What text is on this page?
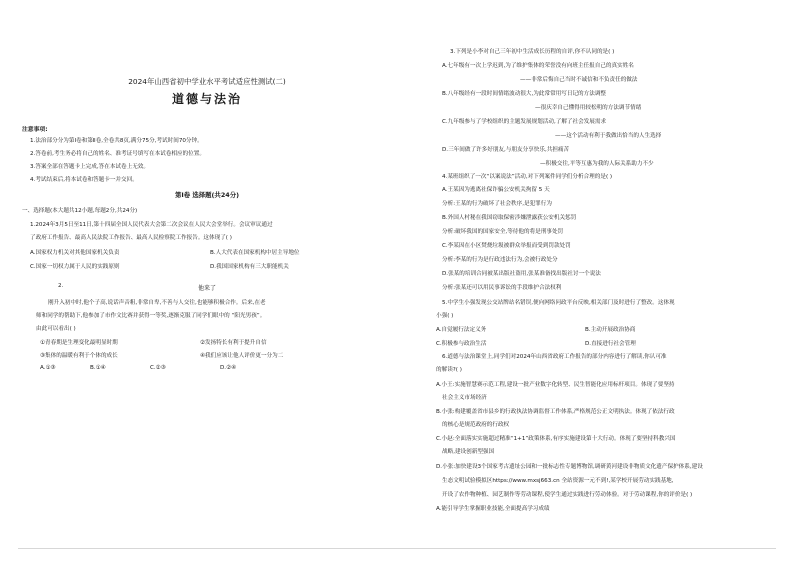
2024年山西省初中学业水平考试适应性测试(二)
道德与法治
注意事项:
1.法治部分分为第Ⅰ卷和第Ⅱ卷,全卷共8页,满分75分,考试时间70分钟。
2.答卷前,考生务必将自己的姓名、准考证号填写在本试卷相应的位置。
3.答案全部在答题卡上完成,答在本试卷上无效。
4.考试结束后,将本试卷和答题卡一并交回。
第Ⅰ卷 选择题(共24分)
一、选择题(本大题共12小题,每题2分,共24分)
1.2024年3月5日至11日,第十四届全国人民代表大会第二次会议在人民大会堂举行。会议审议通过
了政府工作报告、最高人民法院工作报告、最高人民检察院工作报告。这体现了( )
A.国家权力机关对其他国家机关负责	B.人大代表在国家机构中居主导地位
C.国家一切权力属于人民的实践原则	D.我国国家机构有三大职能机关
2.	他来了
刚升入初中时,他个子高,说话声音粗,非常自卑,不善与人交往,也能够积极合作。后来,在老
师和同学的帮助下,他参加了市作文比赛并获得一等奖,逐渐克服了同学们眼中的 “阳光男孩”。
由此可以看出( )
①青春期是生理变化最明显时期	②发扬特长有利于提升自信
③集体的温暖有利于个体的成长	④我们应该让他人评价更一分为二
A.①③	B.①④	C.②③	D.②④
3.下列是小李对自己三年初中生活成长历程的自评,你不认同的是( )
A.七年级有一次上学迟到,为了维护集体的荣誉没有向班主任报自己的真实姓名
——非常后悔自己当时不诚信和不负责任的做法
B.八年级经有一段时间情绪波动很大,为此常常用写日记的方法调整
—很庆幸自己懂得用较松明的方法调节情绪
C.九年级参与了学校组织的主题发展规划活动,了解了社会发展需求
——这个活动有利于我做出恰当的人生选择
D.三年间做了许多好朋友,与朋友分享快乐,共担痛苦
—积极交往,平等互惠为我的人际关系助力不少
4.某班组织了一次“以案说法”活动,对下列案件同学们分析合理的是( )
A.王某因为逃离社保诈骗公安机关拘留 5 天
分析:王某的行为破坏了社会秩序,是犯罪行为
B.外国人村秘在我国窃取保密涉嫌泄露获公安机关惩罚
分析:破坏我国的国家安全,等待他的将是刑事处罚
C.李某因在小区焚烧垃圾被群众举报而受到罚款处罚
分析:李某的行为是行政违法行为,会被行政处分
D.张某的培训合同被某出版社盗用,张某准备找出版社讨一个说法
分析:张某还可以用民事诉讼的手段维护合法权利
5.中学生小强发现公交站牌站名错误,便向网络问政平台反映,相关部门及时进行了整改。这体现
小强( )
A.自觉履行法定义务	B.主动开展政治协商
C.积极参与政治生活	D.直接进行社会管理
6.道德与法治课堂上,同学们对2024年山西省政府工作报告的部分内容进行了解读,你认可准
的解读?( )
A.小王:实施智慧赛示范工程,建设一批产业数字化转型、民生智能化应用标杆项目。体现了要坚持
社会主义市场经济
B.小张:构建覆盖省市县乡的行政执法协调监督工作体系,严格规范公正文明执法。体现了依法行政
的核心是规范政府的行政权
C.小赵:全面落实实施超过精准“1+1”政策体系,有序实施建设第十大行动。体现了要坚持科教兴国
战略,建设创新型强国
D.小张:加快建设3个国家考古遗址公园和一批标志性专题博物馆,调研黄河建设非物质文化遗产保护体系,建设
生态文明试验模拟区https://www.mxsj663.cn 全站资源一元不到!,某学校开展劳动实践基地,
开设了农作物种植、园艺制作等劳动课程,使学生通过实践进行劳动体验。对于劳动课程,你的评价是( )
A.能引导学生掌握职业技能,全面提高学习成绩
